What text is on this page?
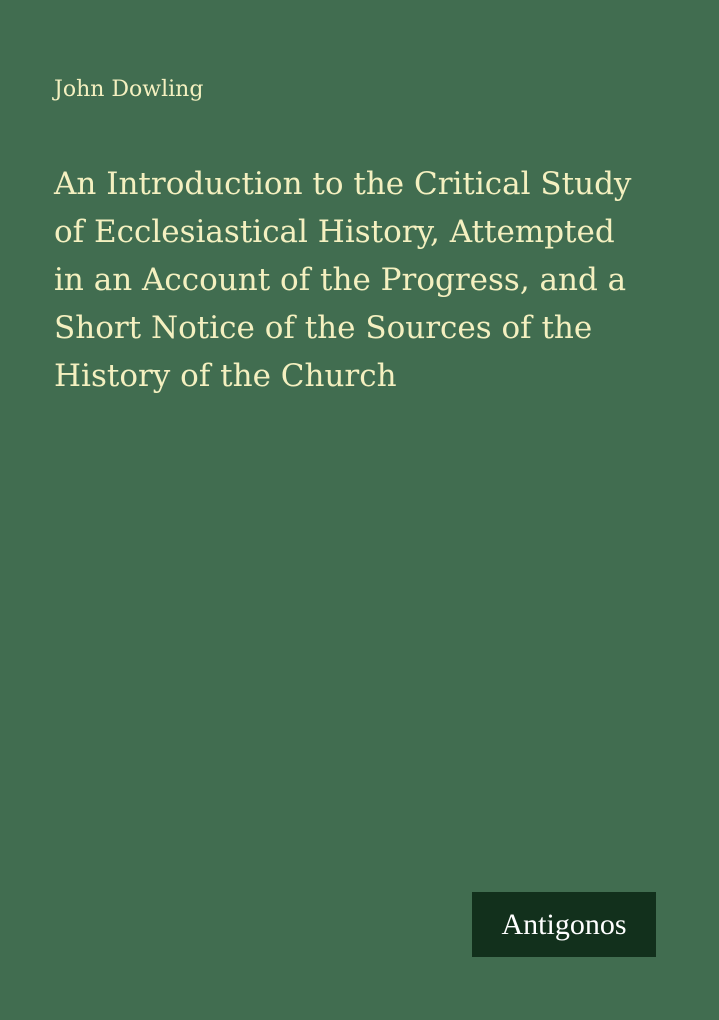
John Dowling
An Introduction to the Critical Study
of Ecclesiastical History, Attempted
in an Account of the Progress, and a
Short Notice of the Sources of the
History of the Church
Antigonos
